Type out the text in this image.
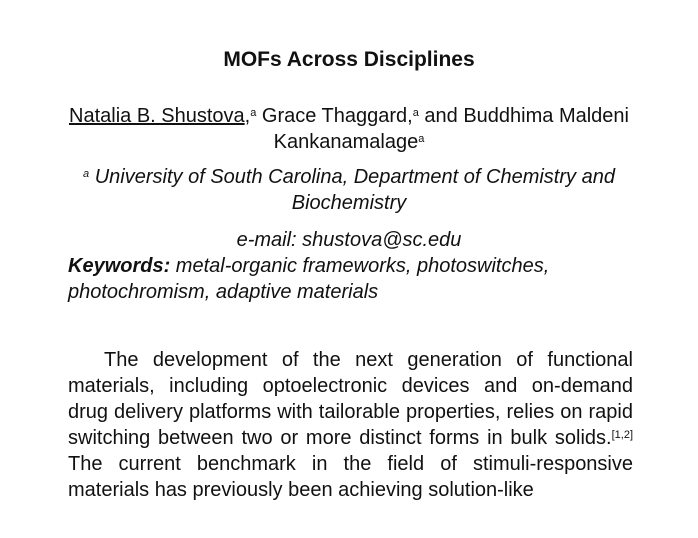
MOFs Across Disciplines
Natalia B. Shustova,$^a$ Grace Thaggard,$^a$ and Buddhima Maldeni Kankanamalage$^a$
$^a$ University of South Carolina, Department of Chemistry and Biochemistry
e-mail: shustova@sc.edu
Keywords: metal-organic frameworks, photoswitches, photochromism, adaptive materials

The development of the next generation of functional materials, including optoelectronic devices and on-demand drug delivery platforms with tailorable properties, relies on rapid switching between two or more distinct forms in bulk solids.[1,2] The current benchmark in the field of stimuli-responsive materials has previously been achieving solution-like
